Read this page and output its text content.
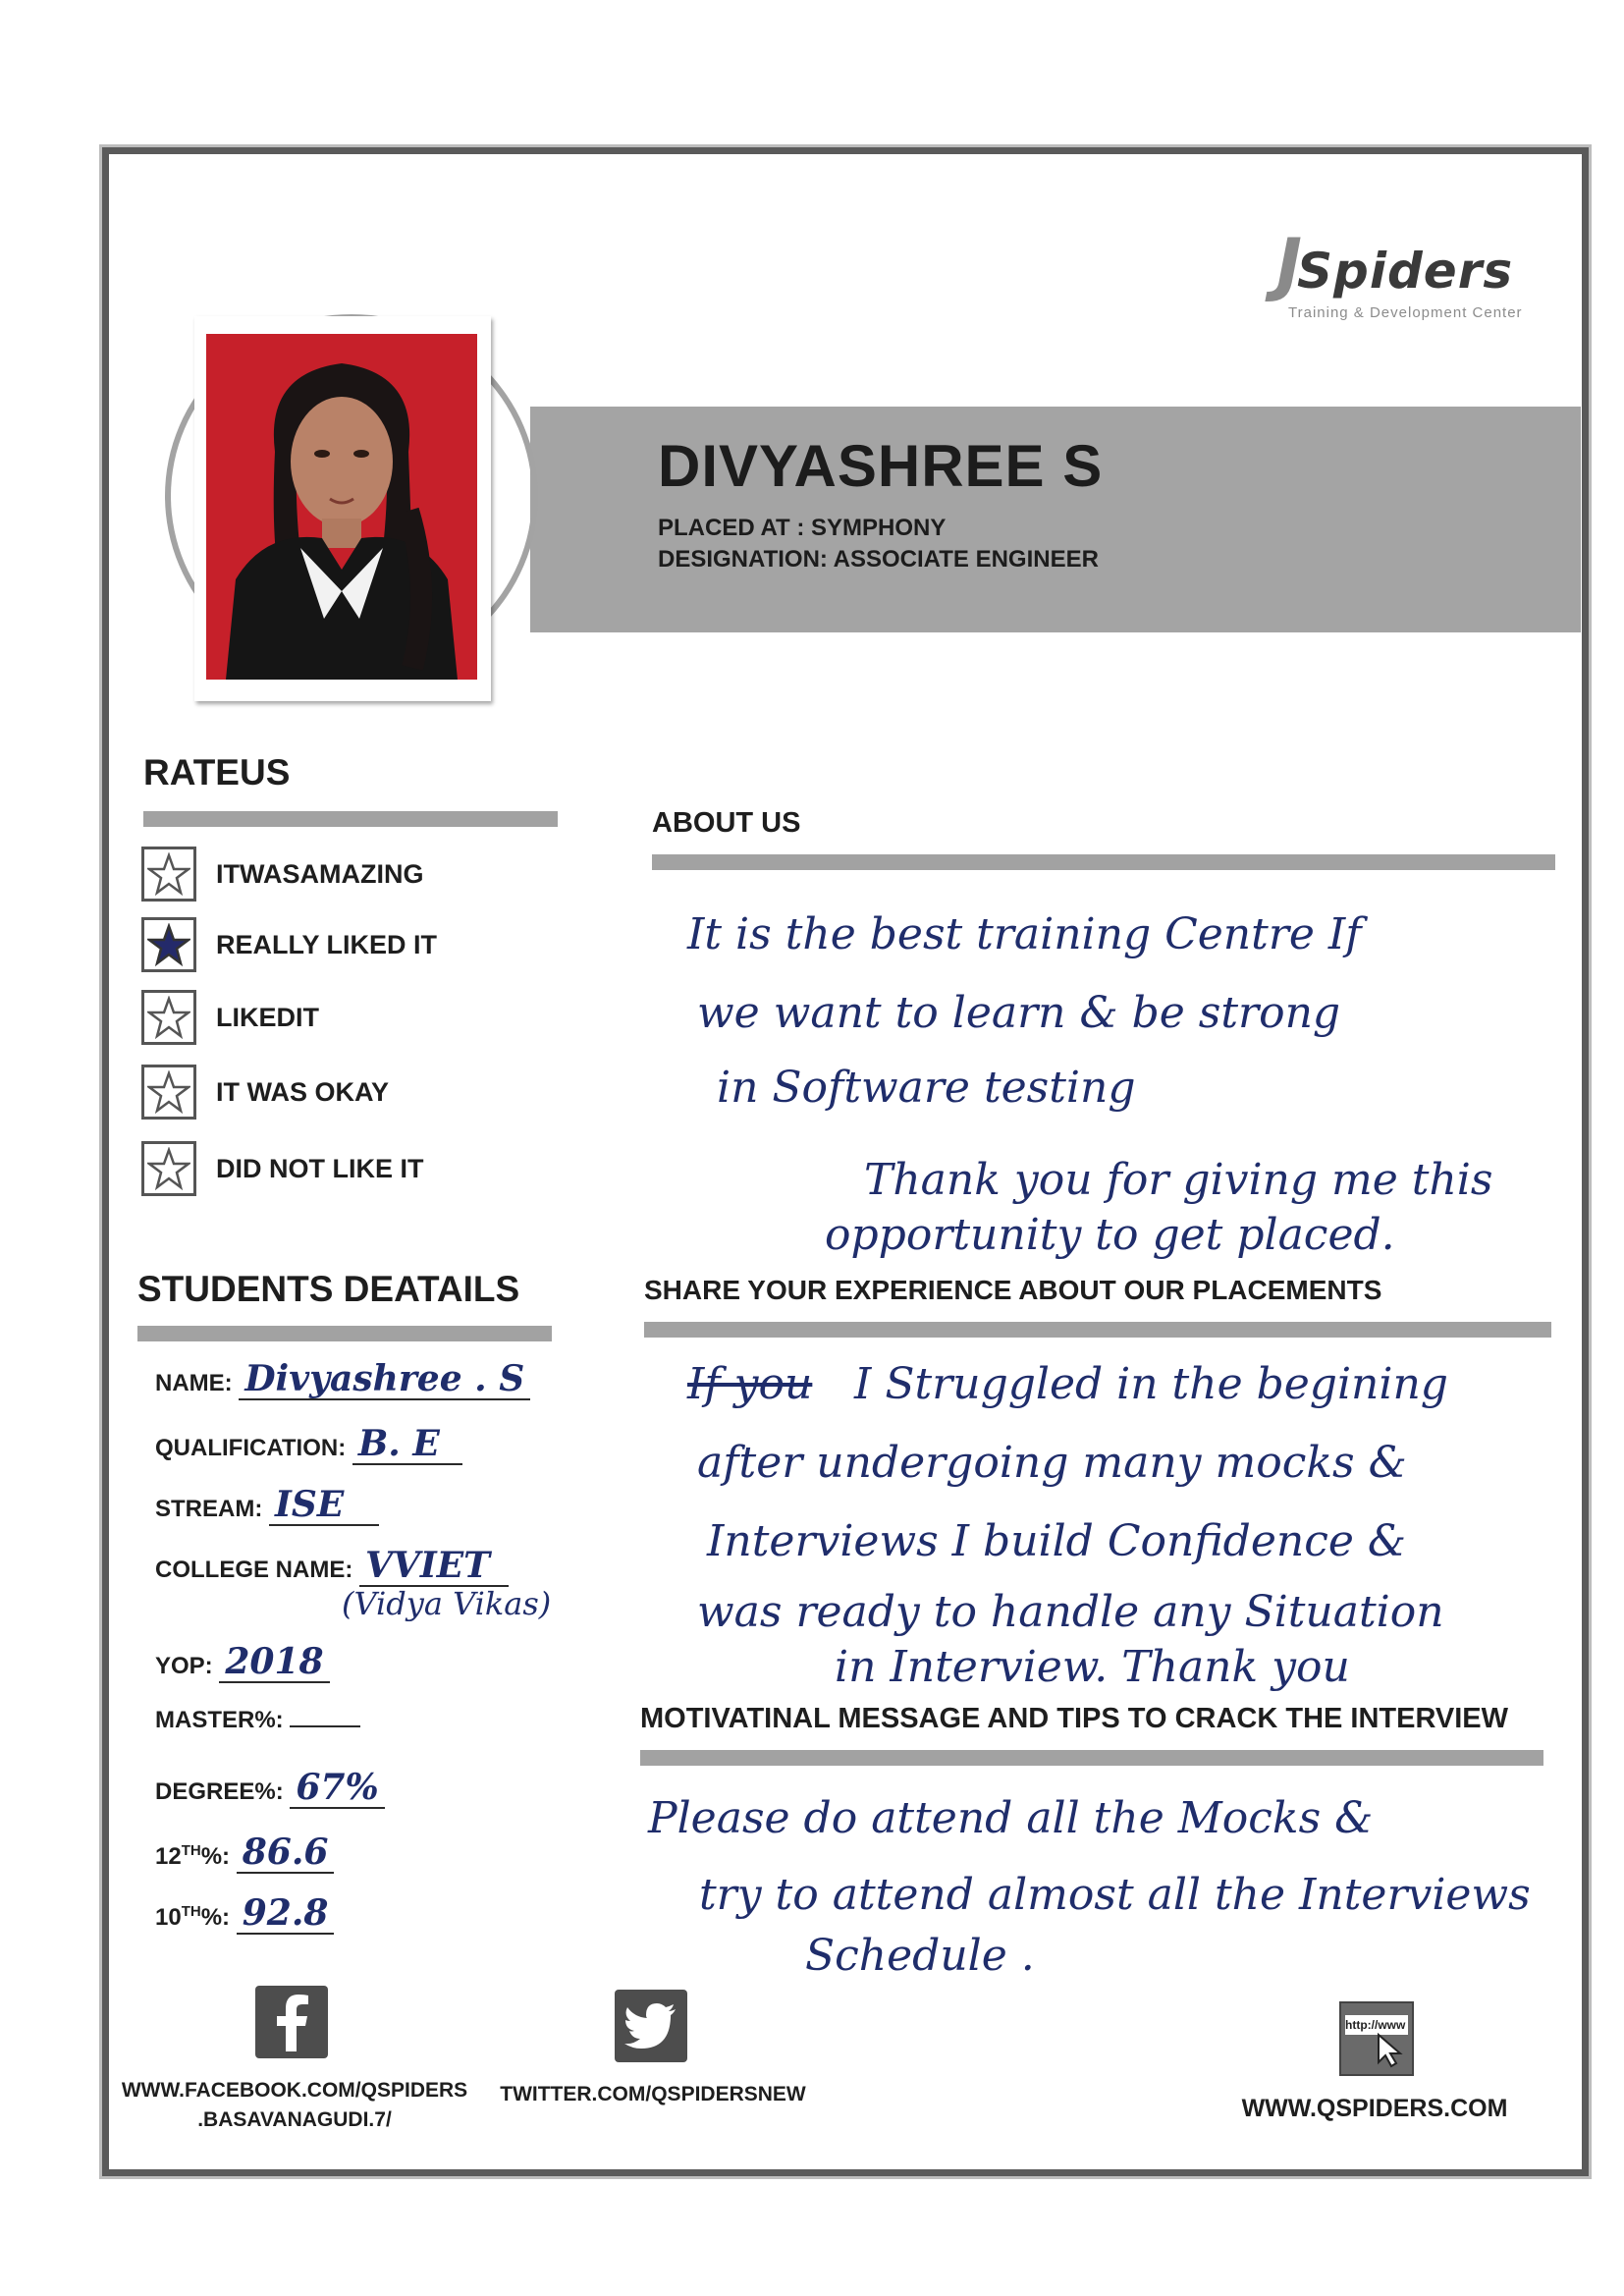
JSpiders
Training & Development Center
DIVYASHREE S
PLACED AT : SYMPHONY
DESIGNATION: ASSOCIATE ENGINEER
RATEUS
ITWASAMAZING
REALLY LIKED IT
LIKEDIT
IT WAS OKAY
DID NOT LIKE IT
STUDENTS DEATAILS
NAME: Divyashree . S
QUALIFICATION: B. E
STREAM: ISE
COLLEGE NAME: VVIET
(Vidya Vikas)
YOP: 2018
MASTER%:
DEGREE%: 67%
12TH%: 86.6
10TH%: 92.8
ABOUT US
It is the best training Centre If
we want to learn & be strong
in Software testing
Thank you for giving me this
opportunity to get placed.
SHARE YOUR EXPERIENCE ABOUT OUR PLACEMENTS
If you I Struggled in the begining
after undergoing many mocks &
Interviews I build Confidence &
was ready to handle any Situation
in Interview. Thank you
MOTIVATINAL MESSAGE AND TIPS TO CRACK THE INTERVIEW
Please do attend all the Mocks &
try to attend almost all the Interviews
Schedule .
WWW.FACEBOOK.COM/QSPIDERS
.BASAVANAGUDI.7/
TWITTER.COM/QSPIDERSNEW
http://www
WWW.QSPIDERS.COM
